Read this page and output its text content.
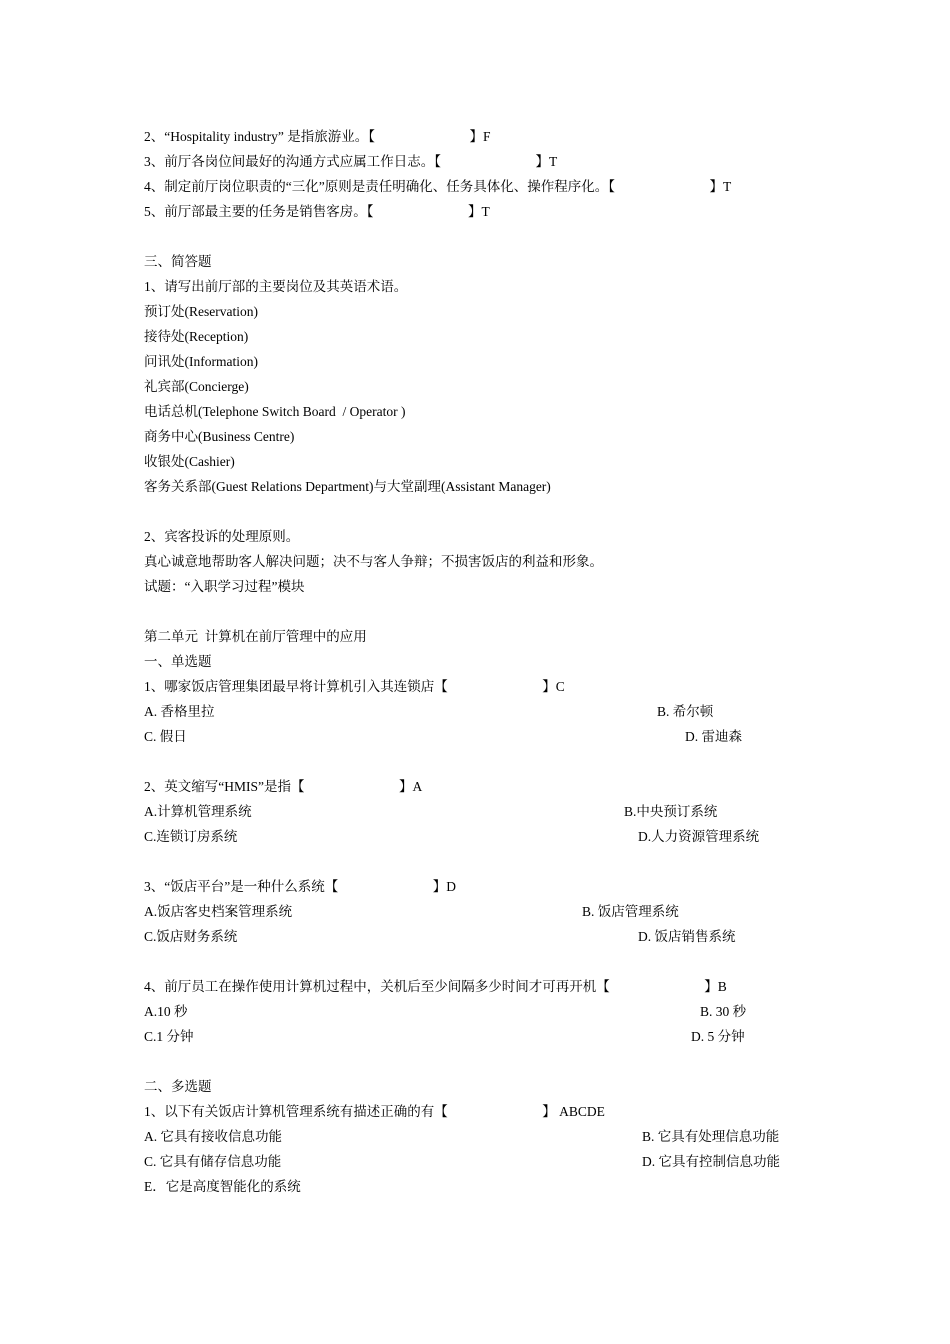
2、“Hospitality industry” 是指旅游业。【　　　　　　　】F
3、前厅各岗位间最好的沟通方式应属工作日志。【　　　　　　　】T
4、制定前厅岗位职责的“三化”原则是责任明确化、任务具体化、操作程序化。【　　　　　　　】T
5、前厅部最主要的任务是销售客房。【　　　　　　　】T
三、简答题
1、请写出前厅部的主要岗位及其英语术语。
预订处(Reservation)
接待处(Reception)
问讯处(Information)
礼宾部(Concierge)
电话总机(Telephone Switch Board  / Operator )
商务中心(Business Centre)
收银处(Cashier)
客务关系部(Guest Relations Department)与大堂副理(Assistant Manager)
2、宾客投诉的处理原则。
真心诚意地帮助客人解决问题；决不与客人争辩；不损害饭店的利益和形象。
试题：“入职学习过程”模块
第二单元  计算机在前厅管理中的应用
一、单选题
1、哪家饭店管理集团最早将计算机引入其连锁店【　　　　　　　】C
A. 香格里拉	B. 希尔顿
C. 假日	D. 雷迪森
2、英文缩写“HMIS”是指【　　　　　　　】A
A.计算机管理系统	B.中央预订系统
C.连锁订房系统	D.人力资源管理系统
3、“饭店平台”是一种什么系统【　　　　　　　】D
A.饭店客史档案管理系统	B. 饭店管理系统
C.饭店财务系统	D. 饭店销售系统
4、前厅员工在操作使用计算机过程中，关机后至少间隔多少时间才可再开机【　　　　　　　】B
A.10 秒	B. 30 秒
C.1 分钟	D. 5 分钟
二、多选题
1、以下有关饭店计算机管理系统有描述正确的有【　　　　　　　】 ABCDE
A. 它具有接收信息功能	B. 它具有处理信息功能
C. 它具有储存信息功能	D. 它具有控制信息功能
E．它是高度智能化的系统
